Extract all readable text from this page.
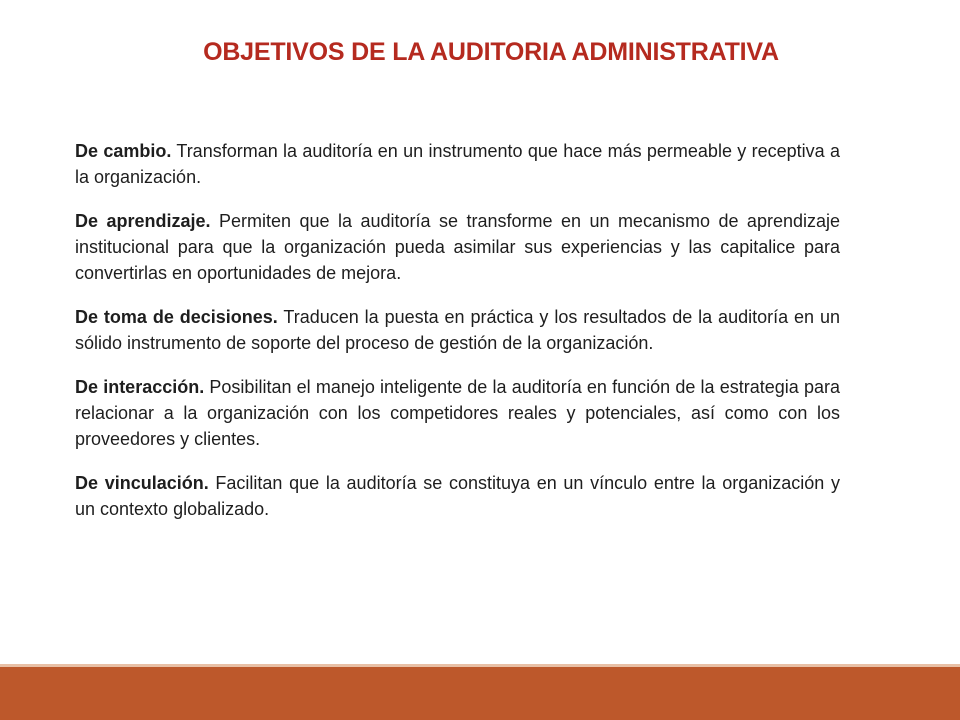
OBJETIVOS DE LA AUDITORIA ADMINISTRATIVA

De cambio. Transforman la auditoría en un instrumento que hace más permeable y receptiva a la organización.

De aprendizaje. Permiten que la auditoría se transforme en un mecanismo de aprendizaje institucional para que la organización pueda asimilar sus experiencias y las capitalice para convertirlas en oportunidades de mejora.

De toma de decisiones. Traducen la puesta en práctica y los resultados de la auditoría en un sólido instrumento de soporte del proceso de gestión de la organización.

De interacción. Posibilitan el manejo inteligente de la auditoría en función de la estrategia para relacionar a la organización con los competidores reales y potenciales, así como con los proveedores y clientes.

De vinculación. Facilitan que la auditoría se constituya en un vínculo entre la organización y un contexto globalizado.
